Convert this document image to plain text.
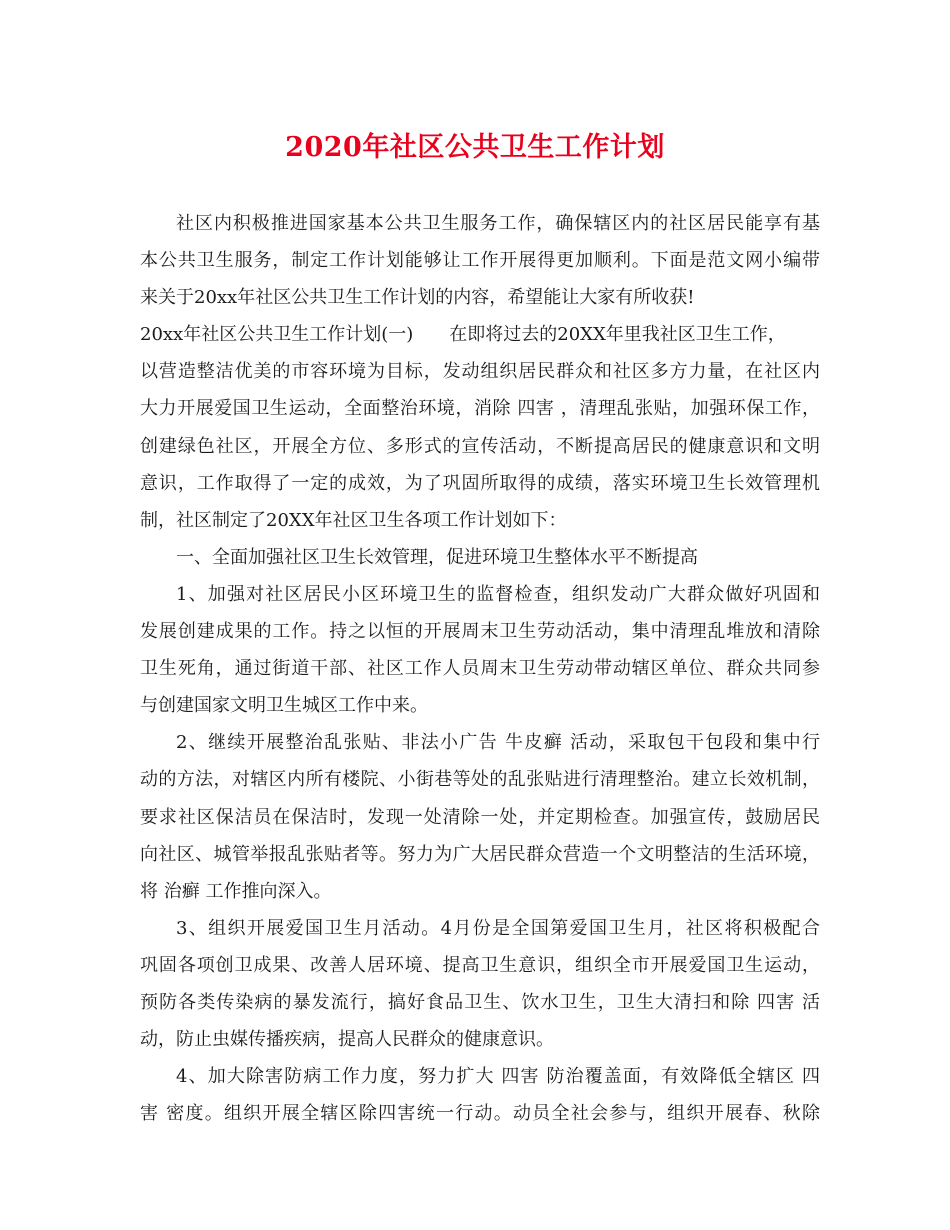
2020年社区公共卫生工作计划
社区内积极推进国家基本公共卫生服务工作，确保辖区内的社区居民能享有基
本公共卫生服务，制定工作计划能够让工作开展得更加顺利。下面是范文网小编带
来关于20xx年社区公共卫生工作计划的内容，希望能让大家有所收获!
20xx年社区公共卫生工作计划(一) 在即将过去的20XX年里我社区卫生工作，
以营造整洁优美的市容环境为目标，发动组织居民群众和社区多方力量，在社区内
大力开展爱国卫生运动，全面整治环境，消除 四害 ，清理乱张贴，加强环保工作，
创建绿色社区，开展全方位、多形式的宣传活动，不断提高居民的健康意识和文明
意识，工作取得了一定的成效，为了巩固所取得的成绩，落实环境卫生长效管理机
制，社区制定了20XX年社区卫生各项工作计划如下：
一、全面加强社区卫生长效管理，促进环境卫生整体水平不断提高
1、加强对社区居民小区环境卫生的监督检查，组织发动广大群众做好巩固和
发展创建成果的工作。持之以恒的开展周末卫生劳动活动，集中清理乱堆放和清除
卫生死角，通过街道干部、社区工作人员周末卫生劳动带动辖区单位、群众共同参
与创建国家文明卫生城区工作中来。
2、继续开展整治乱张贴、非法小广告 牛皮癣 活动，采取包干包段和集中行
动的方法，对辖区内所有楼院、小街巷等处的乱张贴进行清理整治。建立长效机制，
要求社区保洁员在保洁时，发现一处清除一处，并定期检查。加强宣传，鼓励居民
向社区、城管举报乱张贴者等。努力为广大居民群众营造一个文明整洁的生活环境，
将 治癣 工作推向深入。
3、组织开展爱国卫生月活动。4月份是全国第爱国卫生月，社区将积极配合
巩固各项创卫成果、改善人居环境、提高卫生意识，组织全市开展爱国卫生运动，
预防各类传染病的暴发流行，搞好食品卫生、饮水卫生，卫生大清扫和除 四害 活
动，防止虫媒传播疾病，提高人民群众的健康意识。
4、加大除害防病工作力度，努力扩大 四害 防治覆盖面，有效降低全辖区 四
害 密度。组织开展全辖区除四害统一行动。动员全社会参与，组织开展春、秋除
